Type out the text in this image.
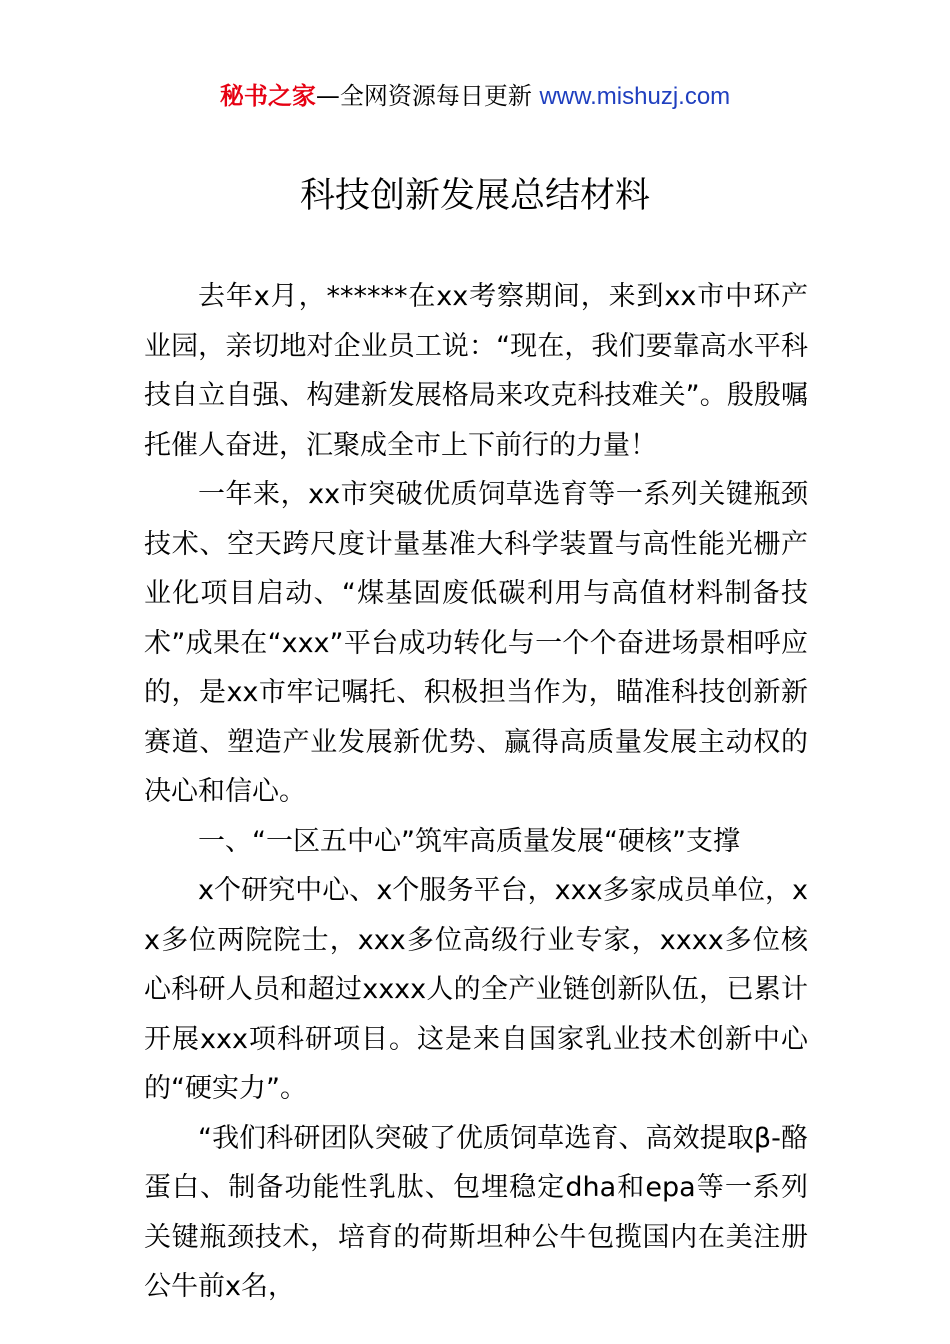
秘书之家—全网资源每日更新 www.mishuzj.com
科技创新发展总结材料

去年x月，******在xx考察期间，来到xx市中环产业园，亲切地对企业员工说：“现在，我们要靠高水平科技自立自强、构建新发展格局来攻克科技难关”。殷殷嘱托催人奋进，汇聚成全市上下前行的力量！

一年来，xx市突破优质饲草选育等一系列关键瓶颈技术、空天跨尺度计量基准大科学装置与高性能光栅产业化项目启动、“煤基固废低碳利用与高值材料制备技术”成果在“xxx”平台成功转化与一个个奋进场景相呼应的，是xx市牢记嘱托、积极担当作为，瞄准科技创新新赛道、塑造产业发展新优势、赢得高质量发展主动权的决心和信心。

一、“一区五中心”筑牢高质量发展“硬核”支撑

x个研究中心、x个服务平台，xxx多家成员单位，xx多位两院院士，xxx多位高级行业专家，xxxx多位核心科研人员和超过xxxx人的全产业链创新队伍，已累计开展xxx项科研项目。这是来自国家乳业技术创新中心的“硬实力”。

“我们科研团队突破了优质饲草选育、高效提取β-酪蛋白、制备功能性乳肽、包埋稳定dha和epa等一系列关键瓶颈技术，培育的荷斯坦种公牛包揽国内在美注册公牛前x名，
